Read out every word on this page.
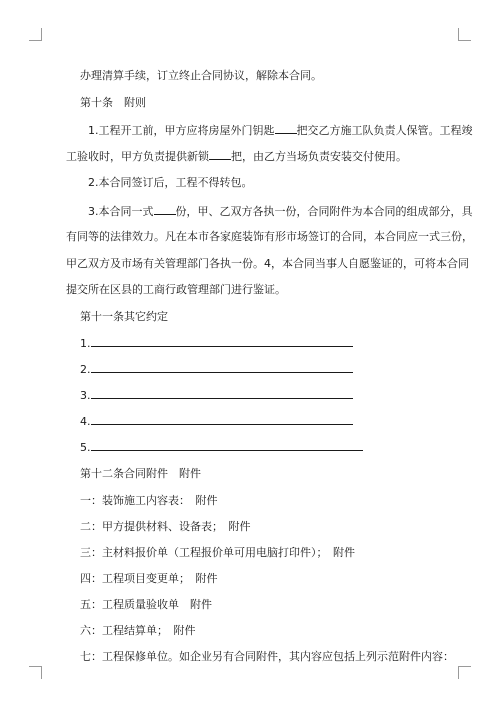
办理清算手续，订立终止合同协议，解除本合同。
第十条　附则
1.工程开工前，甲方应将房屋外门钥匙 把交乙方施工队负责人保管。工程竣
工验收时，甲方负责提供新锁 把，由乙方当场负责安装交付使用。
2.本合同签订后，工程不得转包。
3.本合同一式 份，甲、乙双方各执一份，合同附件为本合同的组成部分，具
有同等的法律效力。凡在本市各家庭装饰有形市场签订的合同，本合同应一式三份，
甲乙双方及市场有关管理部门各执一份。4，本合同当事人自愿鉴证的，可将本合同
提交所在区县的工商行政管理部门进行鉴证。
第十一条其它约定
1.
2.
3.
4.
5.
第十二条合同附件　附件
一：装饰施工内容表：　附件
二：甲方提供材料、设备表；　附件
三：主材料报价单（工程报价单可用电脑打印件）；　附件
四：工程项目变更单；　附件
五：工程质量验收单　附件
六：工程结算单；　附件
七：工程保修单位。如企业另有合同附件，其内容应包括上列示范附件内容：
